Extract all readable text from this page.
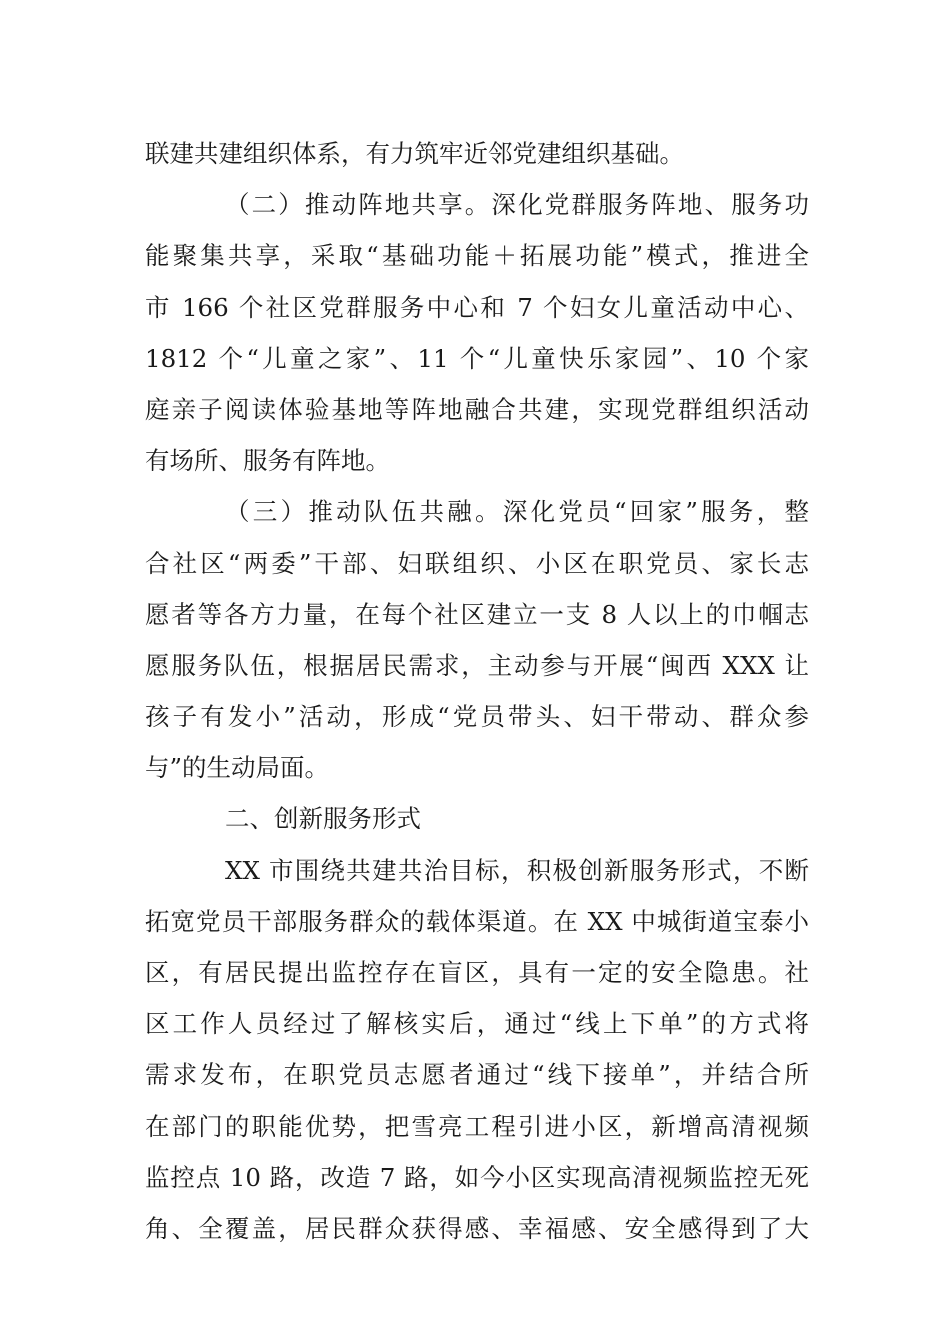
联建共建组织体系，有力筑牢近邻党建组织基础。
（二）推动阵地共享。深化党群服务阵地、服务功
能聚集共享，采取“基础功能＋拓展功能”模式，推进全
市 166 个社区党群服务中心和 7 个妇女儿童活动中心、
1812 个“儿童之家”、11 个“儿童快乐家园”、10 个家
庭亲子阅读体验基地等阵地融合共建，实现党群组织活动
有场所、服务有阵地。
（三）推动队伍共融。深化党员“回家”服务，整
合社区“两委”干部、妇联组织、小区在职党员、家长志
愿者等各方力量，在每个社区建立一支 8 人以上的巾帼志
愿服务队伍，根据居民需求，主动参与开展“闽西 XXX 让
孩子有发小”活动，形成“党员带头、妇干带动、群众参
与”的生动局面。
二、创新服务形式
XX 市围绕共建共治目标，积极创新服务形式，不断
拓宽党员干部服务群众的载体渠道。在 XX 中城街道宝泰小
区，有居民提出监控存在盲区，具有一定的安全隐患。社
区工作人员经过了解核实后，通过“线上下单”的方式将
需求发布，在职党员志愿者通过“线下接单”，并结合所
在部门的职能优势，把雪亮工程引进小区，新增高清视频
监控点 10 路，改造 7 路，如今小区实现高清视频监控无死
角、全覆盖，居民群众获得感、幸福感、安全感得到了大
